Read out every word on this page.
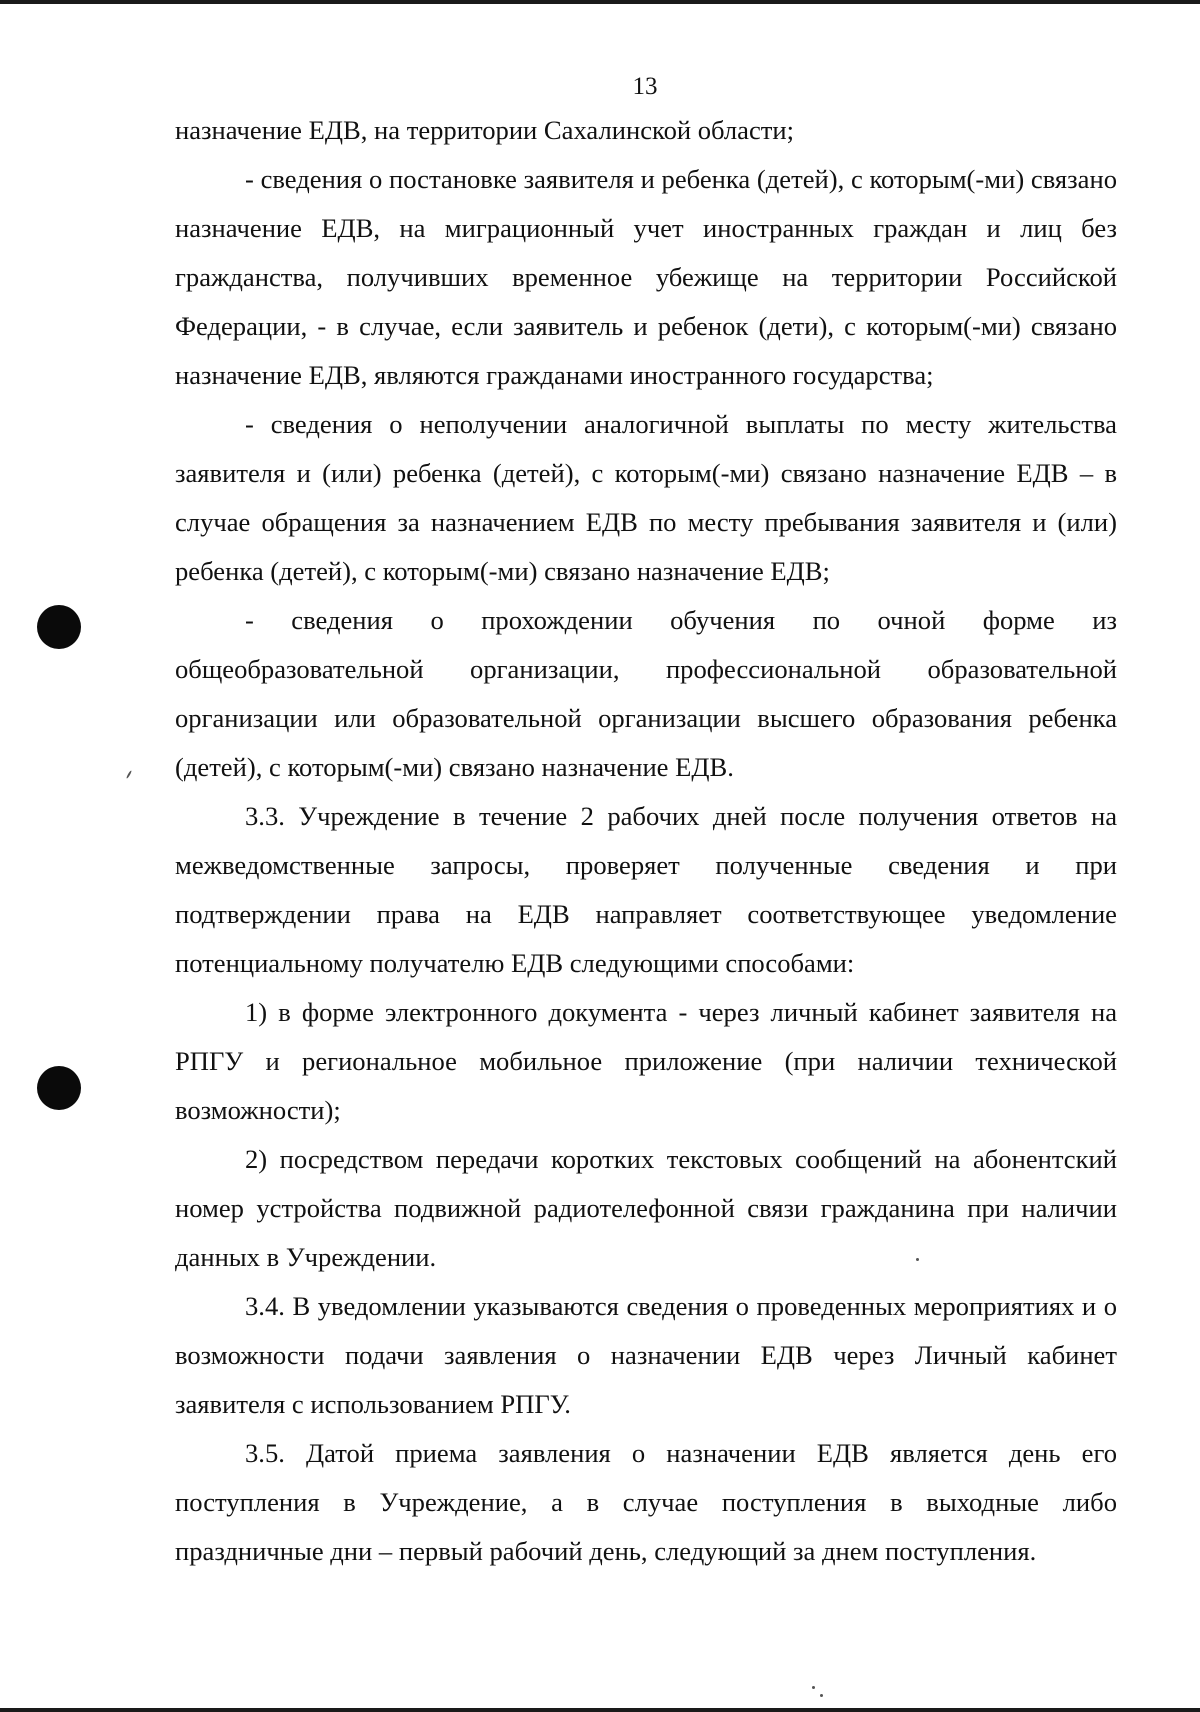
13

назначение ЕДВ, на территории Сахалинской области;

- сведения о постановке заявителя и ребенка (детей), с которым(-ми) связано назначение ЕДВ, на миграционный учет иностранных граждан и лиц без гражданства, получивших временное убежище на территории Российской Федерации, - в случае, если заявитель и ребенок (дети), с которым(-ми) связано назначение ЕДВ, являются гражданами иностранного государства;

- сведения о неполучении аналогичной выплаты по месту жительства заявителя и (или) ребенка (детей), с которым(-ми) связано назначение ЕДВ – в случае обращения за назначением ЕДВ по месту пребывания заявителя и (или) ребенка (детей), с которым(-ми) связано назначение ЕДВ;

- сведения о прохождении обучения по очной форме из общеобразовательной организации, профессиональной образовательной организации или образовательной организации высшего образования ребенка (детей), с которым(-ми) связано назначение ЕДВ.

3.3. Учреждение в течение 2 рабочих дней после получения ответов на межведомственные запросы, проверяет полученные сведения и при подтверждении права на ЕДВ направляет соответствующее уведомление потенциальному получателю ЕДВ следующими способами:

1) в форме электронного документа - через личный кабинет заявителя на РПГУ и региональное мобильное приложение (при наличии технической возможности);

2) посредством передачи коротких текстовых сообщений на абонентский номер устройства подвижной радиотелефонной связи гражданина при наличии данных в Учреждении.

3.4. В уведомлении указываются сведения о проведенных мероприятиях и о возможности подачи заявления о назначении ЕДВ через Личный кабинет заявителя с использованием РПГУ.

3.5. Датой приема заявления о назначении ЕДВ является день его поступления в Учреждение, а в случае поступления в выходные либо праздничные дни – первый рабочий день, следующий за днем поступления.
